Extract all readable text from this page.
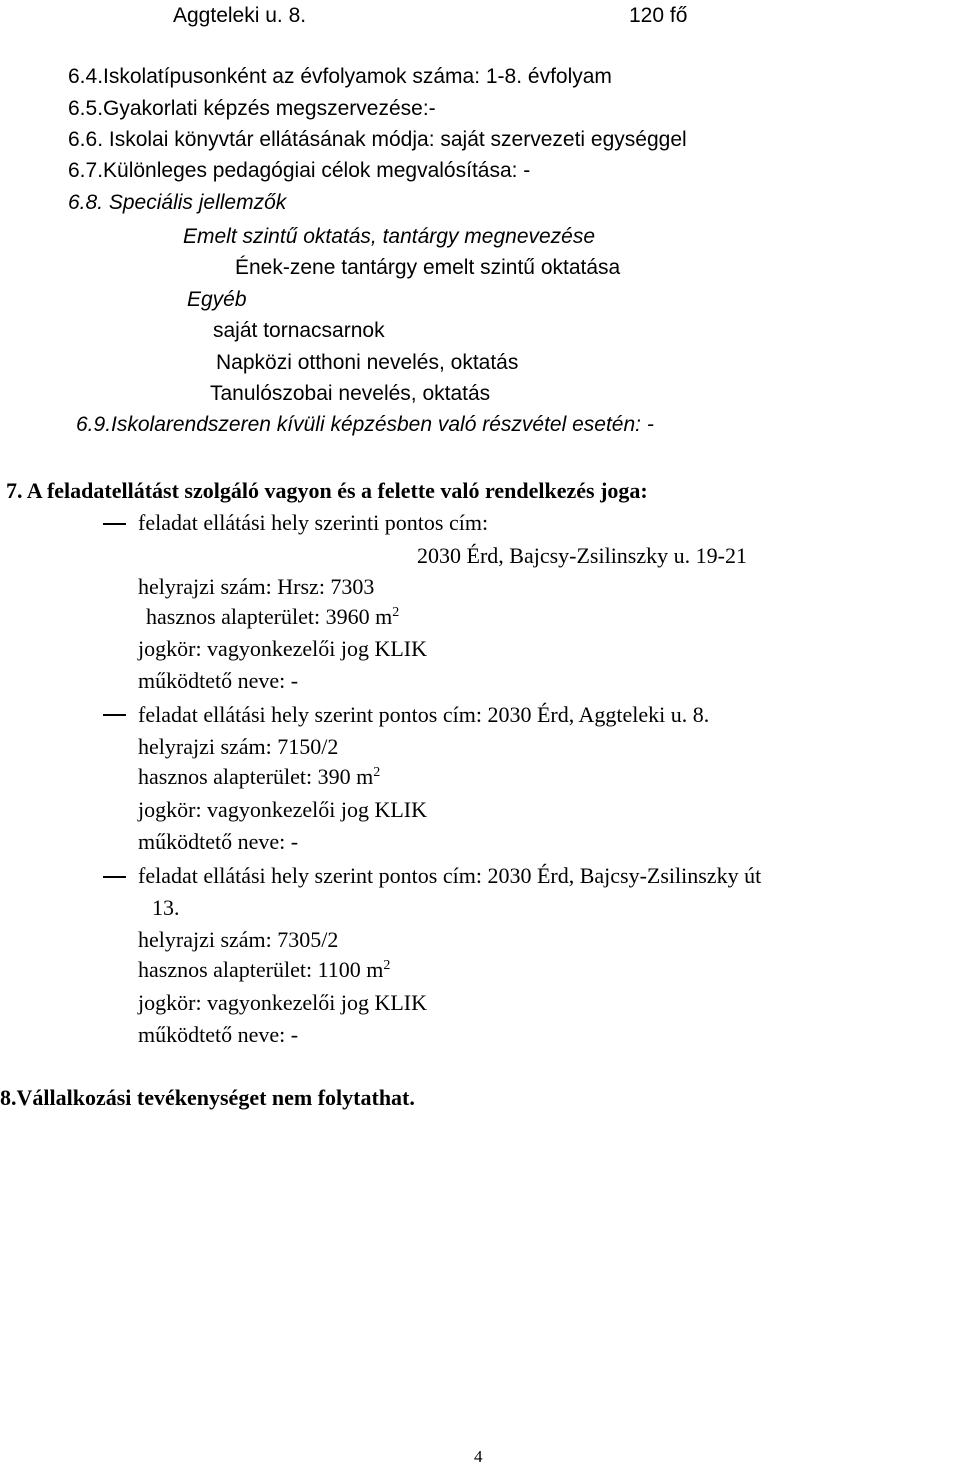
Aggteleki u. 8.	120 fő
6.4.Iskolatípusonként az évfolyamok száma: 1-8. évfolyam
6.5.Gyakorlati képzés megszervezése:-
6.6. Iskolai könyvtár ellátásának módja: saját szervezeti egységgel
6.7.Különleges pedagógiai célok megvalósítása: -
6.8. Speciális jellemzők
Emelt szintű oktatás, tantárgy megnevezése
Ének-zene tantárgy emelt szintű oktatása
Egyéb
saját tornacsarnok
Napközi otthoni nevelés, oktatás
Tanulószobai nevelés, oktatás
6.9.Iskolarendszeren kívüli képzésben való részvétel esetén: -
7. A feladatellátást szolgáló vagyon és a felette való rendelkezés joga:
feladat ellátási hely szerinti pontos cím:
2030 Érd, Bajcsy-Zsilinszky u. 19-21
helyrajzi szám: Hrsz: 7303
hasznos alapterület: 3960 $m^2$
jogkör: vagyonkezelői jog KLIK
működtető neve: -
feladat ellátási hely szerint pontos cím: 2030 Érd, Aggteleki u. 8.
helyrajzi szám: 7150/2
hasznos alapterület: 390 $m^2$
jogkör: vagyonkezelői jog KLIK
működtető neve: -
feladat ellátási hely szerint pontos cím: 2030 Érd, Bajcsy-Zsilinszky út
13.
helyrajzi szám: 7305/2
hasznos alapterület: 1100 $m^2$
jogkör: vagyonkezelői jog KLIK
működtető neve: -
8.Vállalkozási tevékenységet nem folytathat.
4
